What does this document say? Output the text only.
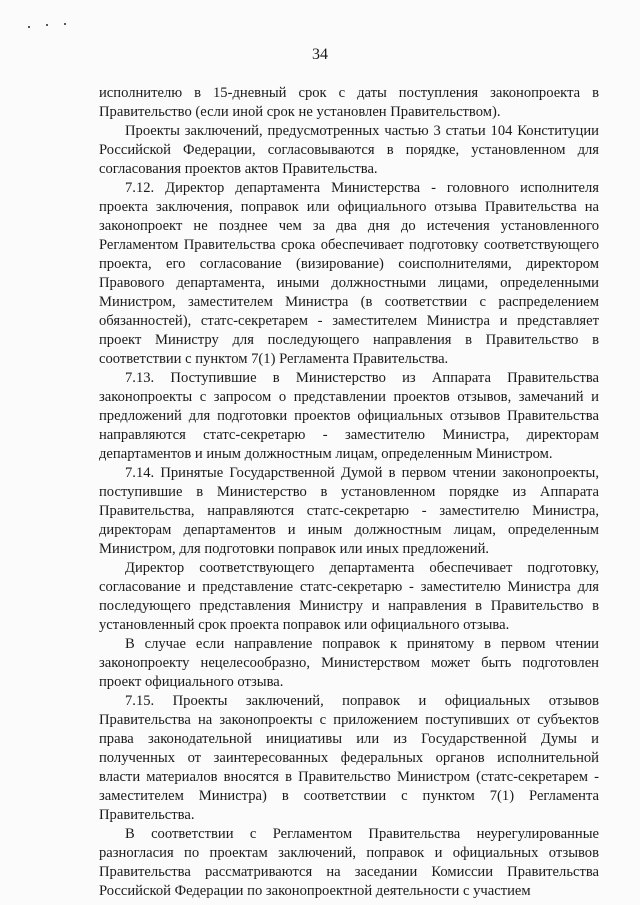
34

исполнителю в 15-дневный срок с даты поступления законопроекта в Правительство (если иной срок не установлен Правительством).

Проекты заключений, предусмотренных частью 3 статьи 104 Конституции Российской Федерации, согласовываются в порядке, установленном для согласования проектов актов Правительства.

7.12. Директор департамента Министерства - головного исполнителя проекта заключения, поправок или официального отзыва Правительства на законопроект не позднее чем за два дня до истечения установленного Регламентом Правительства срока обеспечивает подготовку соответствующего проекта, его согласование (визирование) соисполнителями, директором Правового департамента, иными должностными лицами, определенными Министром, заместителем Министра (в соответствии с распределением обязанностей), статс-секретарем - заместителем Министра и представляет проект Министру для последующего направления в Правительство в соответствии с пунктом 7(1) Регламента Правительства.

7.13. Поступившие в Министерство из Аппарата Правительства законопроекты с запросом о представлении проектов отзывов, замечаний и предложений для подготовки проектов официальных отзывов Правительства направляются статс-секретарю - заместителю Министра, директорам департаментов и иным должностным лицам, определенным Министром.

7.14. Принятые Государственной Думой в первом чтении законопроекты, поступившие в Министерство в установленном порядке из Аппарата Правительства, направляются статс-секретарю - заместителю Министра, директорам департаментов и иным должностным лицам, определенным Министром, для подготовки поправок или иных предложений.

Директор соответствующего департамента обеспечивает подготовку, согласование и представление статс-секретарю - заместителю Министра для последующего представления Министру и направления в Правительство в установленный срок проекта поправок или официального отзыва.

В случае если направление поправок к принятому в первом чтении законопроекту нецелесообразно, Министерством может быть подготовлен проект официального отзыва.

7.15. Проекты заключений, поправок и официальных отзывов Правительства на законопроекты с приложением поступивших от субъектов права законодательной инициативы или из Государственной Думы и полученных от заинтересованных федеральных органов исполнительной власти материалов вносятся в Правительство Министром (статс-секретарем - заместителем Министра) в соответствии с пунктом 7(1) Регламента Правительства.

В соответствии с Регламентом Правительства неурегулированные разногласия по проектам заключений, поправок и официальных отзывов Правительства рассматриваются на заседании Комиссии Правительства Российской Федерации по законопроектной деятельности с участием
